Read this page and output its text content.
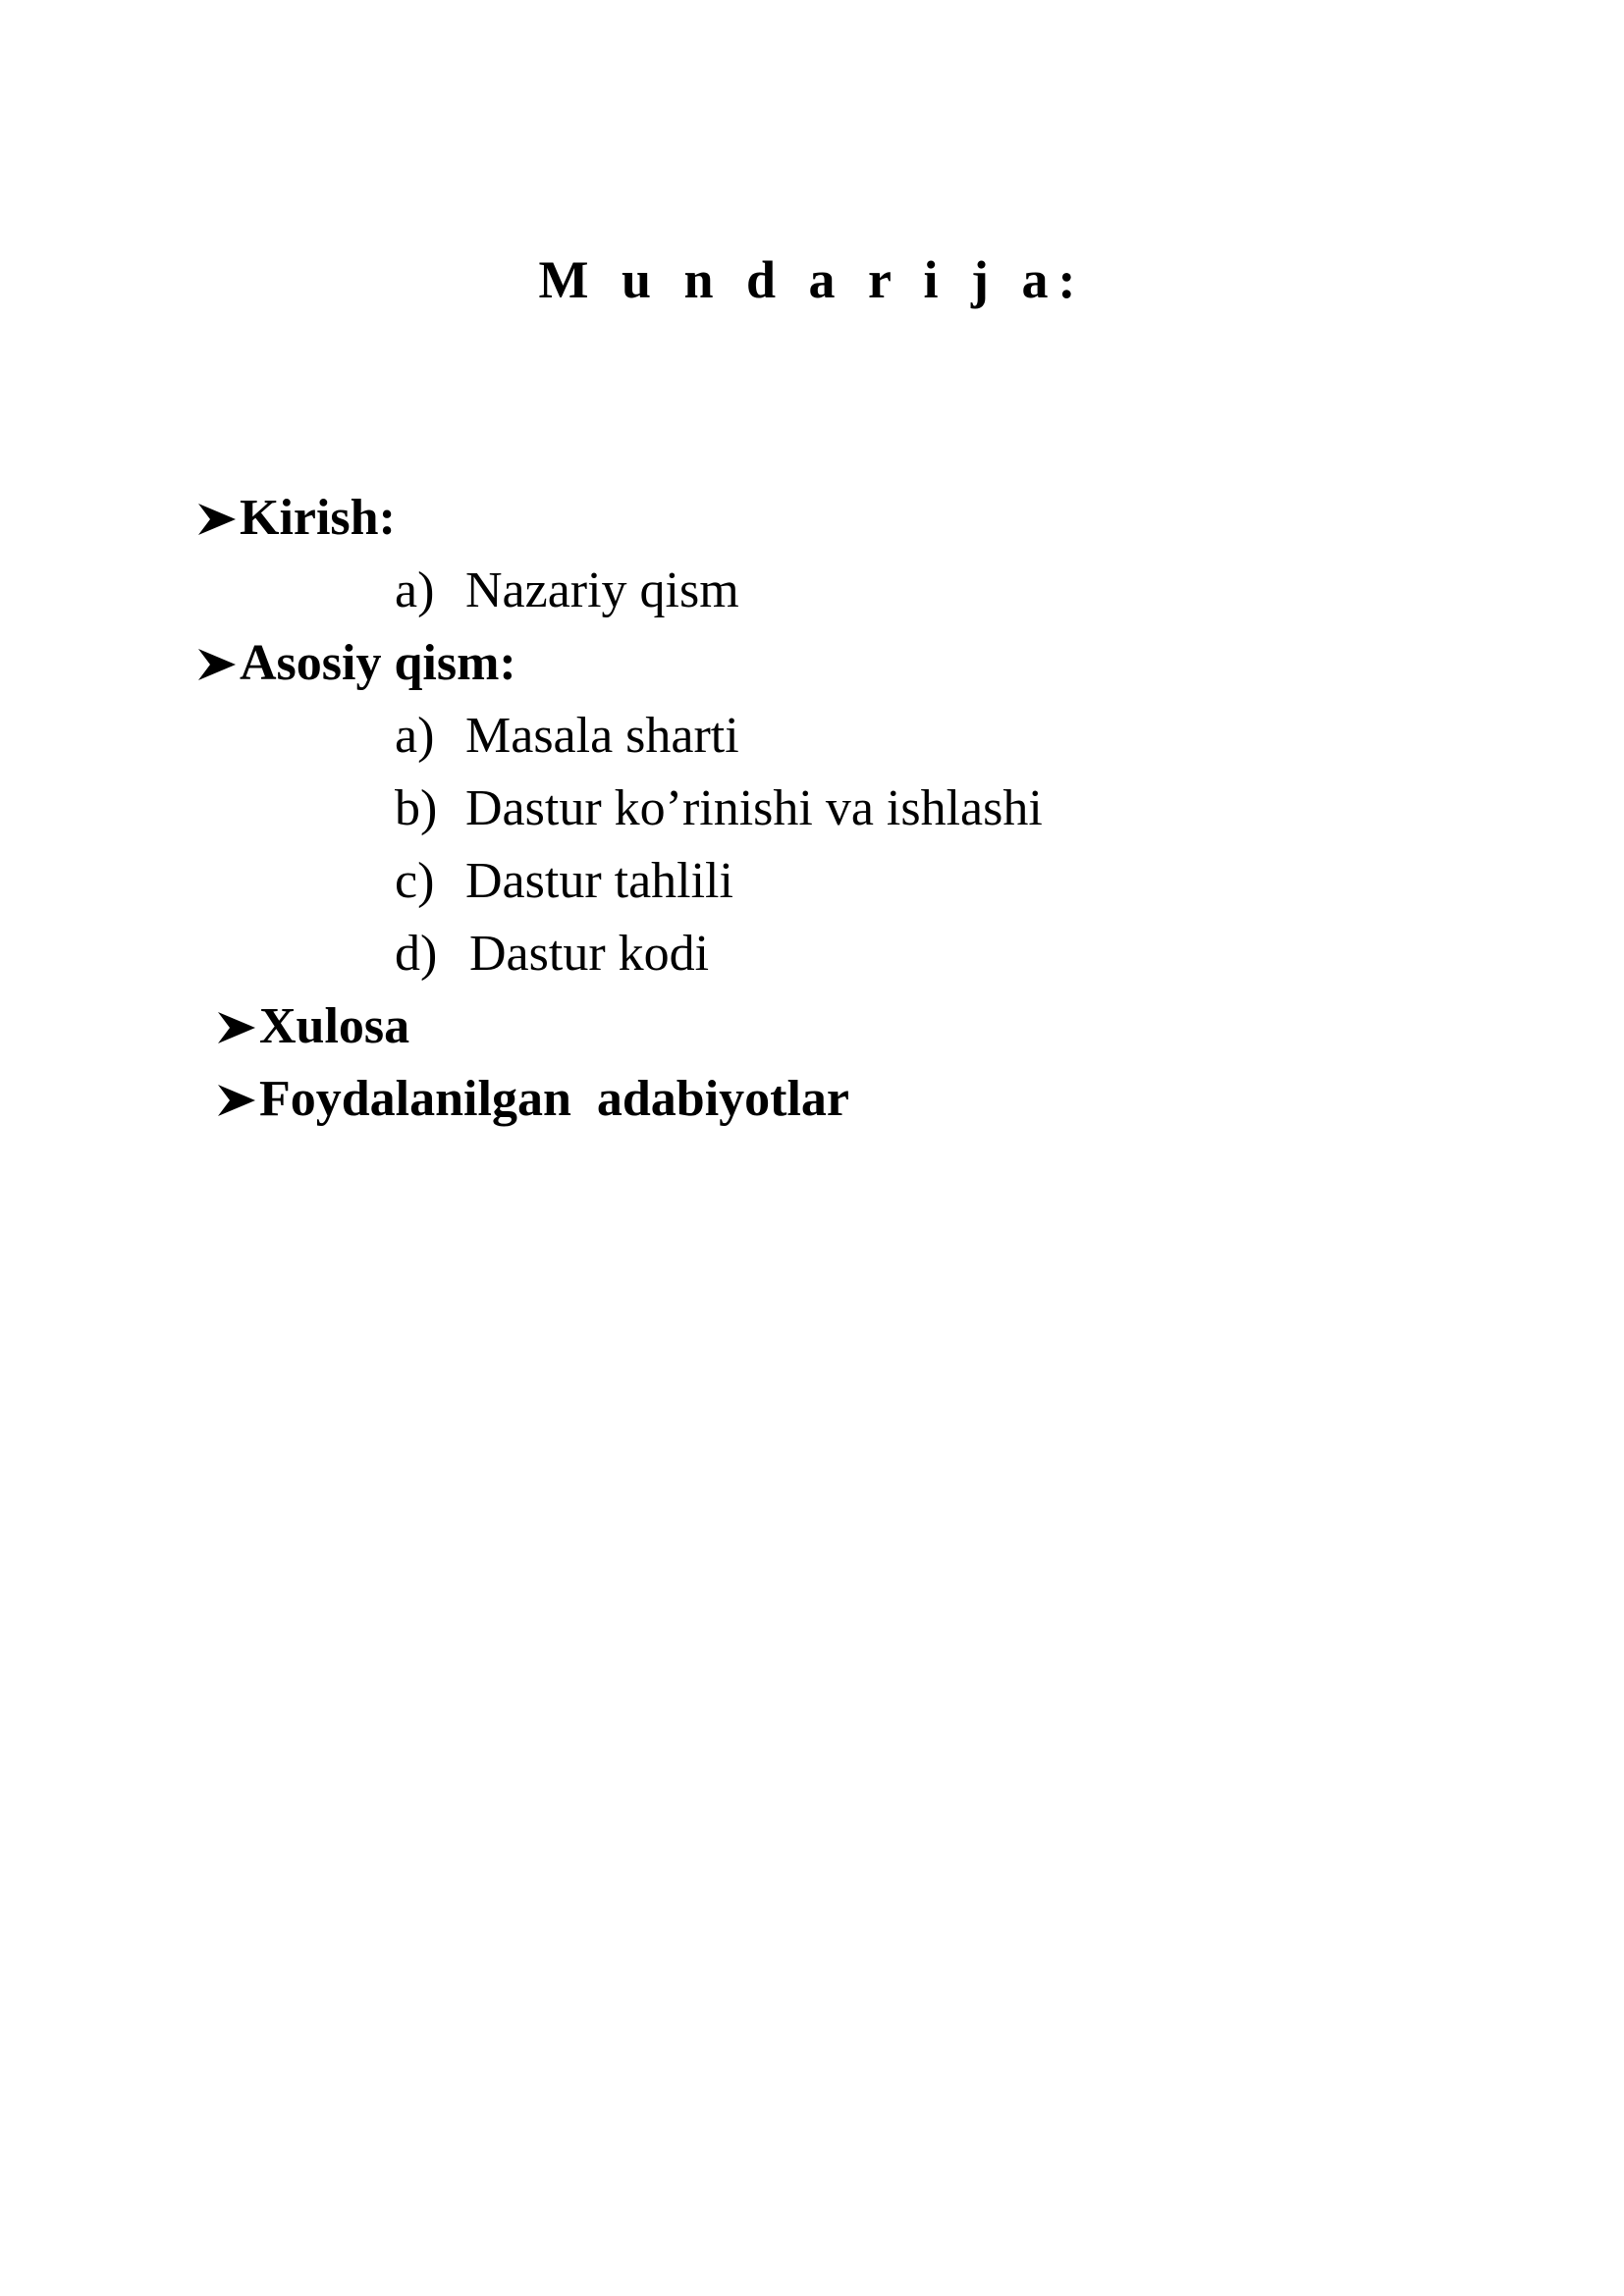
M u n d a r i j a:

Kirish:

a) Nazariy qism

Asosiy qism:

a) Masala sharti

b) Dastur ko’rinishi va ishlashi

c) Dastur tahlili

d) Dastur kodi

Xulosa

Foydalanilgan  adabiyotlar
